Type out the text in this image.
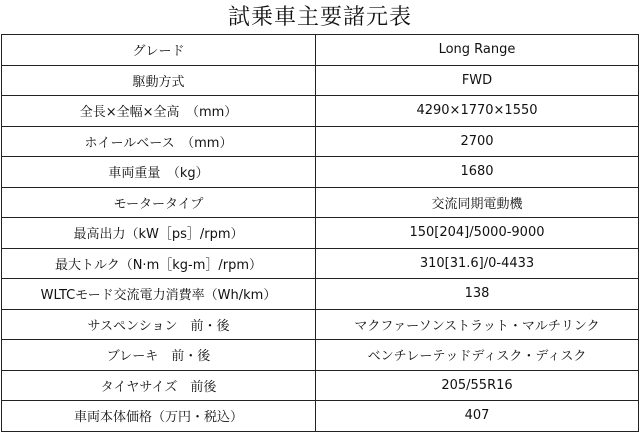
試乗車主要諸元表
グレード	Long Range
駆動方式	FWD
全長×全幅×全高　（mm）	4290×1770×1550
ホイールベース　（mm）	2700
車両重量　（kg）	1680
モータータイプ	交流同期電動機
最高出力（kW［ps］/rpm）	150[204]/5000-9000
最大トルク（N·m［kg-m］/rpm）	310[31.6]/0-4433
WLTCモード交流電力消費率（Wh/km）	138
サスペンション　前・後	マクファーソンストラット・マルチリンク
ブレーキ　前・後	ベンチレーテッドディスク・ディスク
タイヤサイズ　前後	205/55R16
車両本体価格（万円・税込）	407
